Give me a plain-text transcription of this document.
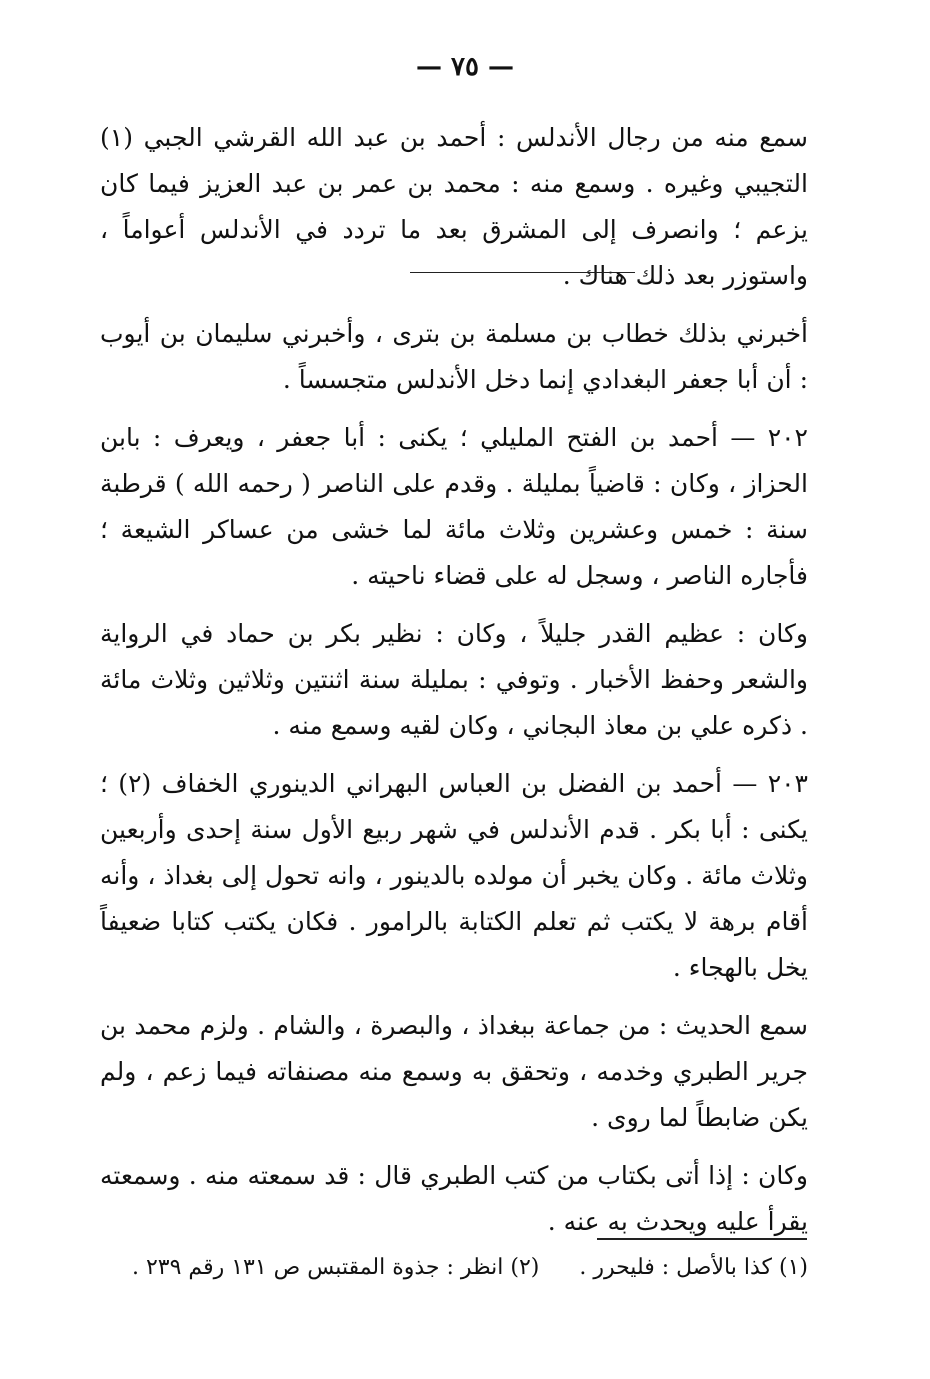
— ٧٥ —

سمع منه من رجال الأندلس : أحمد بن عبد الله القرشي الجبي (١) التجيبي وغيره . وسمع منه : محمد بن عمر بن عبد العزيز فيما كان يزعم ؛ وانصرف إلى المشرق بعد ما تردد في الأندلس أعواماً ، واستوزر بعد ذلك هناك .

أخبرني بذلك خطاب بن مسلمة بن بترى ، وأخبرني سليمان بن أيوب : أن أبا جعفر البغدادي إنما دخل الأندلس متجسساً .

٢٠٢ — أحمد بن الفتح المليلي ؛ يكنى : أبا جعفر ، ويعرف : بابن الحزاز ، وكان : قاضياً بمليلة . وقدم على الناصر ( رحمه الله ) قرطبة سنة : خمس وعشرين وثلاث مائة لما خشى من عساكر الشيعة ؛ فأجاره الناصر ، وسجل له على قضاء ناحيته .

وكان : عظيم القدر جليلاً ، وكان : نظير بكر بن حماد في الرواية والشعر وحفظ الأخبار . وتوفي : بمليلة سنة اثنتين وثلاثين وثلاث مائة . ذكره علي بن معاذ البجاني ، وكان لقيه وسمع منه .

٢٠٣ — أحمد بن الفضل بن العباس البهراني الدينوري الخفاف (٢) ؛ يكنى : أبا بكر . قدم الأندلس في شهر ربيع الأول سنة إحدى وأربعين وثلاث مائة . وكان يخبر أن مولده بالدينور ، وانه تحول إلى بغداذ ، وأنه أقام برهة لا يكتب ثم تعلم الكتابة بالرامور . فكان يكتب كتابا ضعيفاً يخل بالهجاء .

سمع الحديث : من جماعة ببغداذ ، والبصرة ، والشام . ولزم محمد بن جرير الطبري وخدمه ، وتحقق به وسمع منه مصنفاته فيما زعم ، ولم يكن ضابطاً لما روى .

وكان : إذا أتى بكتاب من كتب الطبري قال : قد سمعته منه . وسمعته يقرأ عليه ويحدث به عنه .

(١) كذا بالأصل : فليحرر .
(٢) انظر : جذوة المقتبس ص ١٣١ رقم ٢٣٩ .
